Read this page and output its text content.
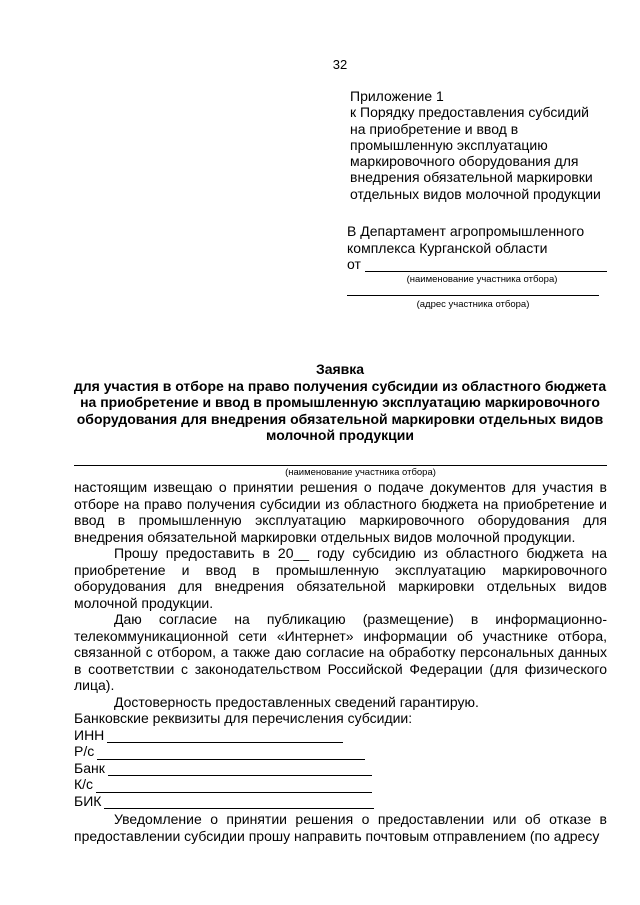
32
Приложение 1
к Порядку предоставления субсидий
на приобретение и ввод в
промышленную эксплуатацию
маркировочного оборудования для
внедрения обязательной маркировки
отдельных видов молочной продукции
В Департамент агропромышленного
комплекса Курганской области
от
(наименование участника отбора)
(адрес участника отбора)
Заявка
для участия в отборе на право получения субсидии из областного бюджета
на приобретение и ввод в промышленную эксплуатацию маркировочного
оборудования для внедрения обязательной маркировки отдельных видов
молочной продукции
(наименование участника отбора)

настоящим извещаю о принятии решения о подаче документов для участия в отборе на право получения субсидии из областного бюджета на приобретение и ввод в промышленную эксплуатацию маркировочного оборудования для внедрения обязательной маркировки отдельных видов молочной продукции.

Прошу предоставить в 20__ году субсидию из областного бюджета на приобретение и ввод в промышленную эксплуатацию маркировочного оборудования для внедрения обязательной маркировки отдельных видов молочной продукции.

Даю согласие на публикацию (размещение) в информационно-телекоммуникационной сети «Интернет» информации об участнике отбора, связанной с отбором, а также даю согласие на обработку персональных данных в соответствии с законодательством Российской Федерации (для физического лица).

Достоверность предоставленных сведений гарантирую.

Банковские реквизиты для перечисления субсидии:

ИНН
Р/с
Банк
К/с
БИК

Уведомление о принятии решения о предоставлении или об отказе в предоставлении субсидии прошу направить почтовым отправлением (по адресу
